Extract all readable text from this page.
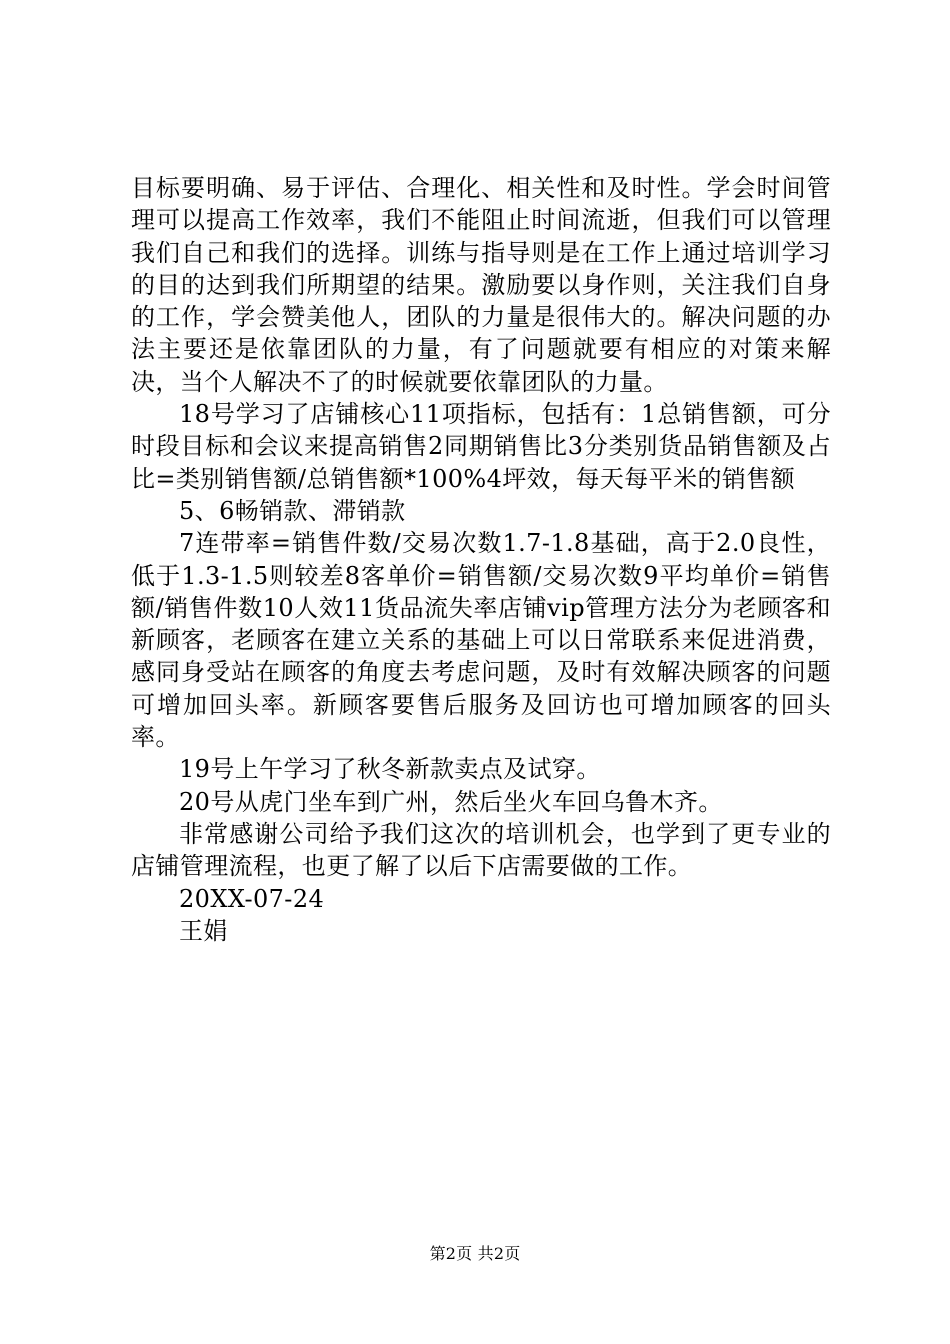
目标要明确、易于评估、合理化、相关性和及时性。学会时间管理可以提高工作效率，我们不能阻止时间流逝，但我们可以管理我们自己和我们的选择。训练与指导则是在工作上通过培训学习的目的达到我们所期望的结果。激励要以身作则，关注我们自身的工作，学会赞美他人，团队的力量是很伟大的。解决问题的办法主要还是依靠团队的力量，有了问题就要有相应的对策来解决，当个人解决不了的时候就要依靠团队的力量。

18号学习了店铺核心11项指标，包括有：1总销售额，可分时段目标和会议来提高销售2同期销售比3分类别货品销售额及占比=类别销售额/总销售额*100%4坪效，每天每平米的销售额

5、6畅销款、滞销款

7连带率=销售件数/交易次数1.7-1.8基础，高于2.0良性，低于1.3-1.5则较差8客单价=销售额/交易次数9平均单价=销售额/销售件数10人效11货品流失率店铺vip管理方法分为老顾客和新顾客，老顾客在建立关系的基础上可以日常联系来促进消费，感同身受站在顾客的角度去考虑问题，及时有效解决顾客的问题可增加回头率。新顾客要售后服务及回访也可增加顾客的回头率。

19号上午学习了秋冬新款卖点及试穿。

20号从虎门坐车到广州，然后坐火车回乌鲁木齐。

非常感谢公司给予我们这次的培训机会，也学到了更专业的店铺管理流程，也更了解了以后下店需要做的工作。

20XX-07-24

王娟

第2页 共2页
